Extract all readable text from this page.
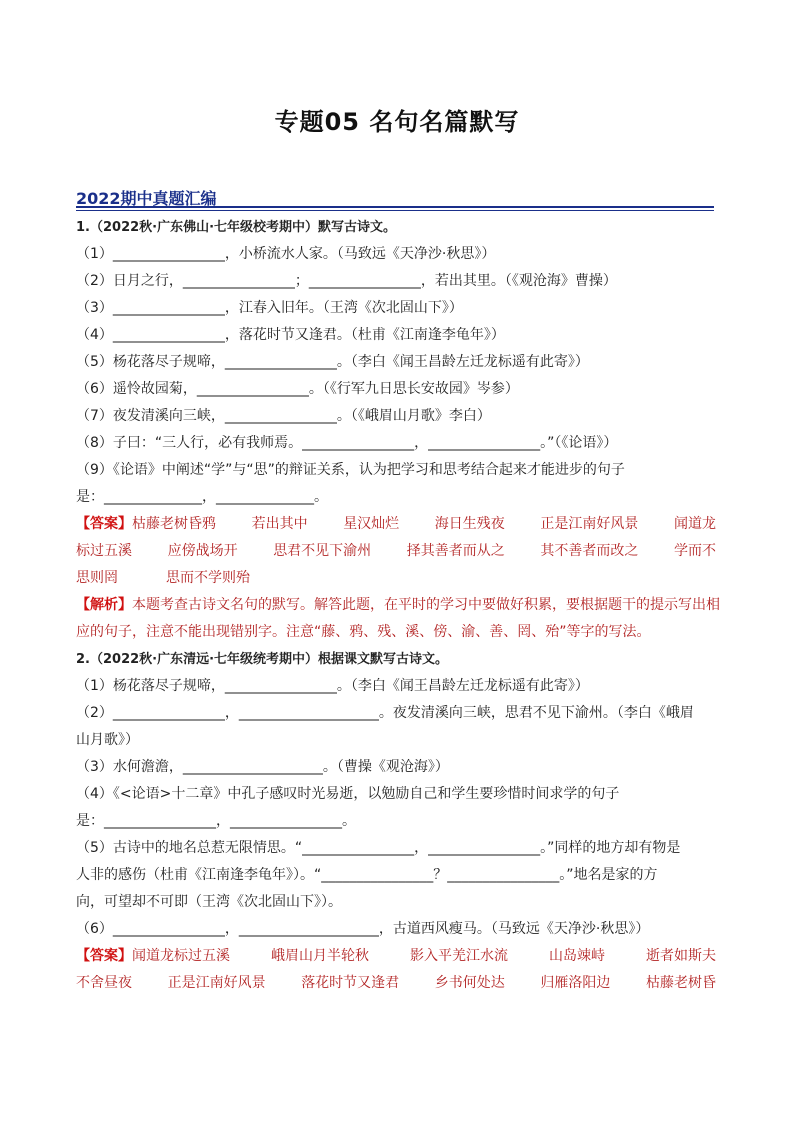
专题05 名句名篇默写
2022期中真题汇编
1.（2022秋·广东佛山·七年级校考期中）默写古诗文。
（1）________________，小桥流水人家。（马致远《天净沙·秋思》）
（2）日月之行，________________；________________，若出其里。（《观沧海》曹操）
（3）________________，江春入旧年。（王湾《次北固山下》）
（4）________________，落花时节又逢君。（杜甫《江南逢李龟年》）
（5）杨花落尽子规啼，________________。（李白《闻王昌龄左迁龙标遥有此寄》）
（6）遥怜故园菊，________________。（《行军九日思长安故园》岑参）
（7）夜发清溪向三峡，________________。（《峨眉山月歌》李白）
（8）子曰：“三人行，必有我师焉。________________，________________。”（《论语》）
（9）《论语》中阐述“学”与“思”的辩证关系，认为把学习和思考结合起来才能进步的句子
是：______________，______________。
【答案】枯藤老树昏鸦	若出其中	星汉灿烂	海日生残夜	正是江南好风景	闻道龙
标过五溪	应傍战场开	思君不见下渝州	择其善者而从之	其不善者而改之	学而不
思则罔	思而不学则殆
【解析】本题考查古诗文名句的默写。解答此题，在平时的学习中要做好积累，要根据题干的提示写出相
应的句子，注意不能出现错别字。注意“藤、鸦、残、溪、傍、渝、善、罔、殆”等字的写法。
2.（2022秋·广东清远·七年级统考期中）根据课文默写古诗文。
（1）杨花落尽子规啼，________________。（李白《闻王昌龄左迁龙标遥有此寄》）
（2）________________，____________________。夜发清溪向三峡，思君不见下渝州。（李白《峨眉
山月歌》）
（3）水何澹澹，____________________。（曹操《观沧海》）
（4）《<论语>十二章》中孔子感叹时光易逝，以勉励自己和学生要珍惜时间求学的句子
是：________________，________________。
（5）古诗中的地名总惹无限情思。“________________，________________。”同样的地方却有物是
人非的感伤（杜甫《江南逢李龟年》）。“________________？________________。”地名是家的方
向，可望却不可即（王湾《次北固山下》）。
（6）________________，____________________，古道西风瘦马。（马致远《天净沙·秋思》）
【答案】闻道龙标过五溪	峨眉山月半轮秋	影入平羌江水流	山岛竦峙	逝者如斯夫
不舍昼夜	正是江南好风景	落花时节又逢君	乡书何处达	归雁洛阳边	枯藤老树昏
